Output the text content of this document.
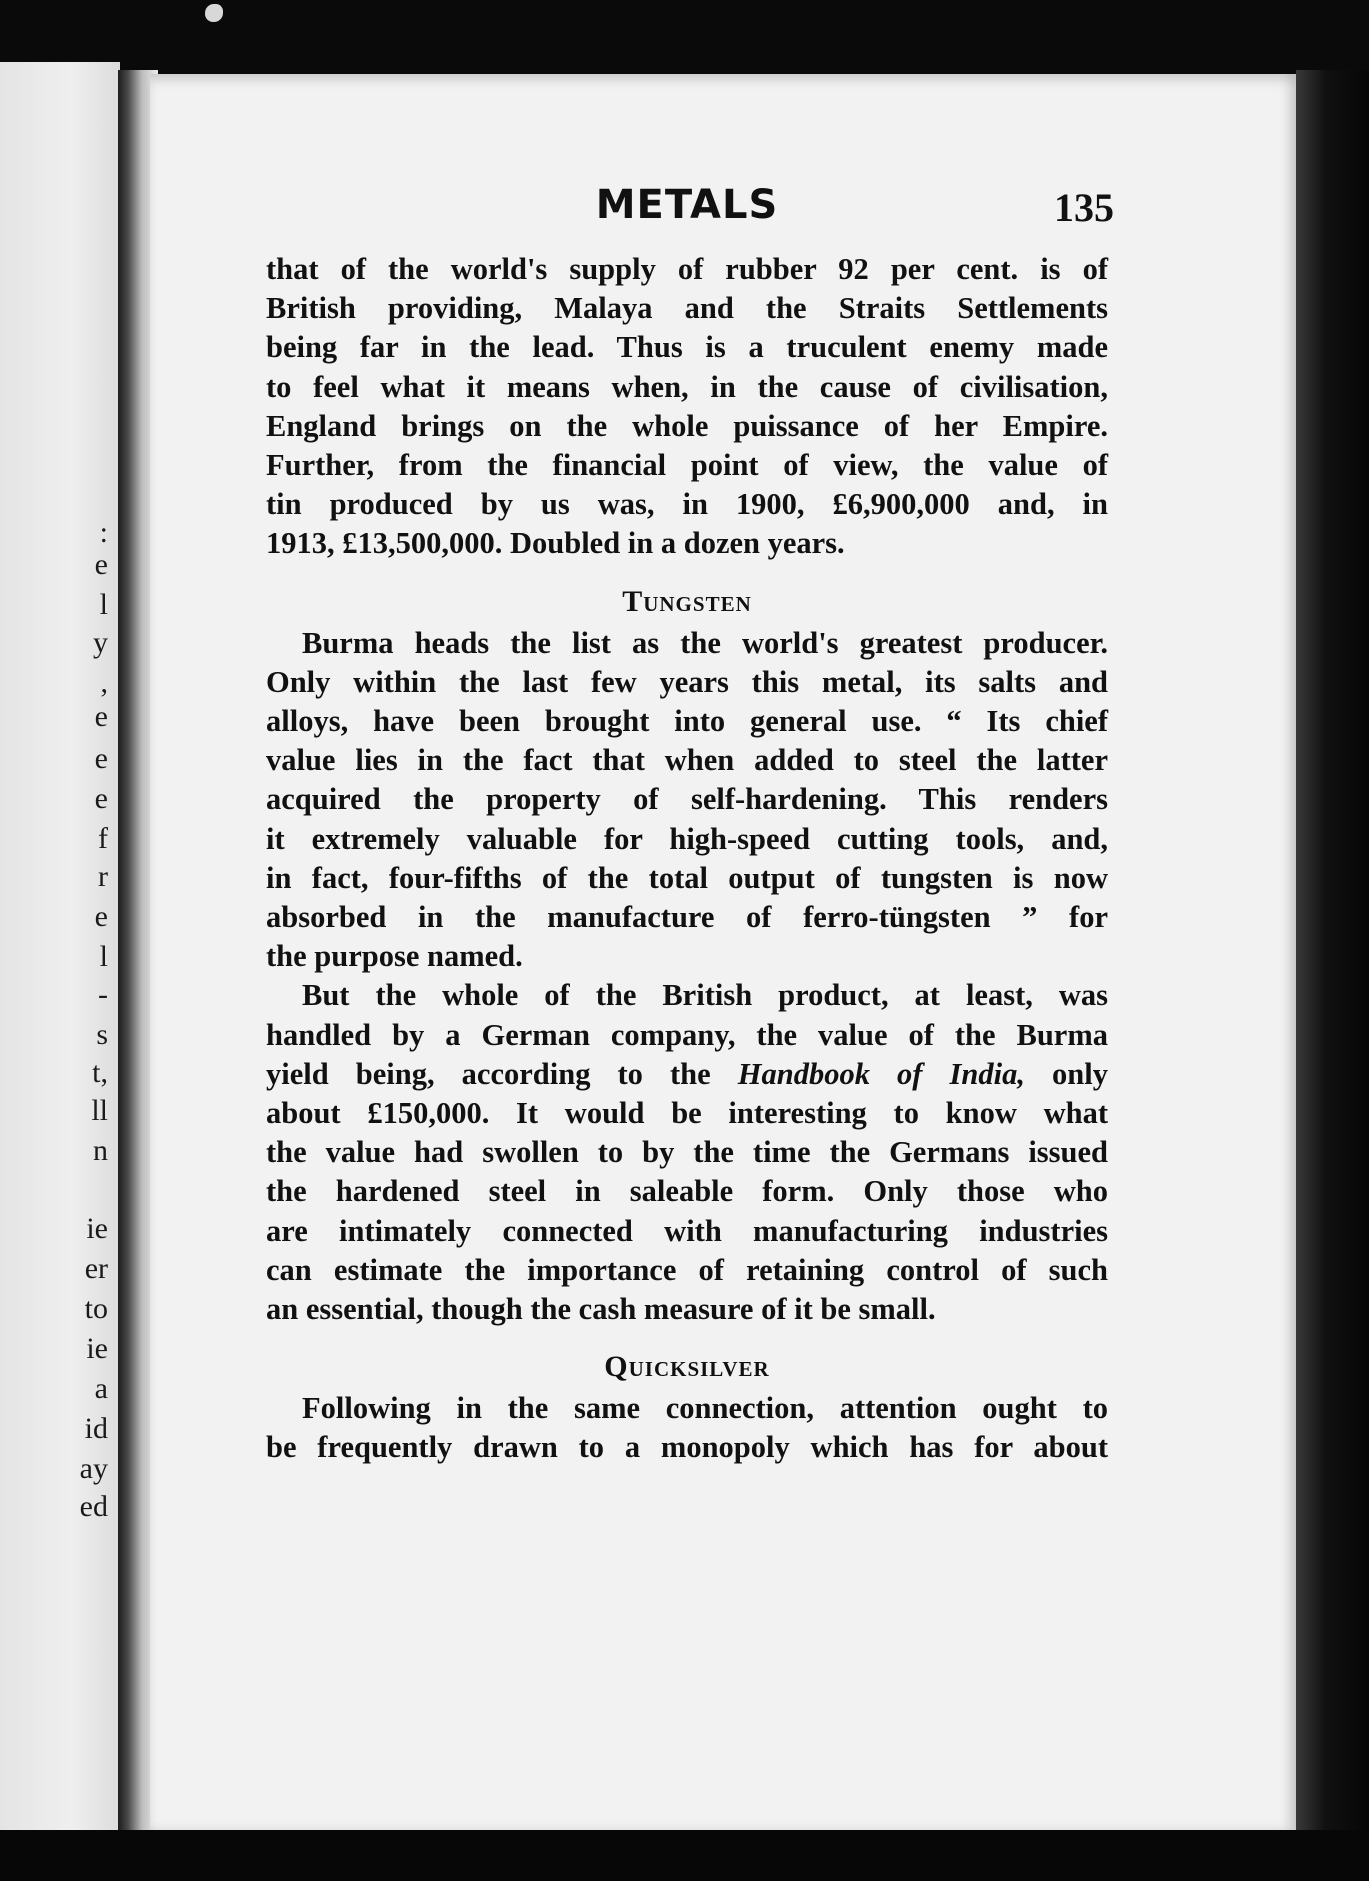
:
e
l
y
,
e
e
e
f
r
e
l
-
s
t,
ll
n
ie
er
to
ie
a
id
ay
ed
METALS	135

that of the world's supply of rubber 92 per cent. is of
British providing, Malaya and the Straits Settlements
being far in the lead. Thus is a truculent enemy made
to feel what it means when, in the cause of civilisation,
England brings on the whole puissance of her Empire.
Further, from the financial point of view, the value of
tin produced by us was, in 1900, £6,900,000 and, in
1913, £13,500,000. Doubled in a dozen years.

Tungsten

Burma heads the list as the world's greatest producer.
Only within the last few years this metal, its salts and
alloys, have been brought into general use. “ Its chief
value lies in the fact that when added to steel the latter
acquired the property of self-hardening. This renders
it extremely valuable for high-speed cutting tools, and,
in fact, four-fifths of the total output of tungsten is now
absorbed in the manufacture of ferro-tüngsten ” for
the purpose named.

But the whole of the British product, at least, was
handled by a German company, the value of the Burma
yield being, according to the Handbook of India, only
about £150,000. It would be interesting to know what
the value had swollen to by the time the Germans issued
the hardened steel in saleable form. Only those who
are intimately connected with manufacturing industries
can estimate the importance of retaining control of such
an essential, though the cash measure of it be small.

Quicksilver

Following in the same connection, attention ought to
be frequently drawn to a monopoly which has for about
